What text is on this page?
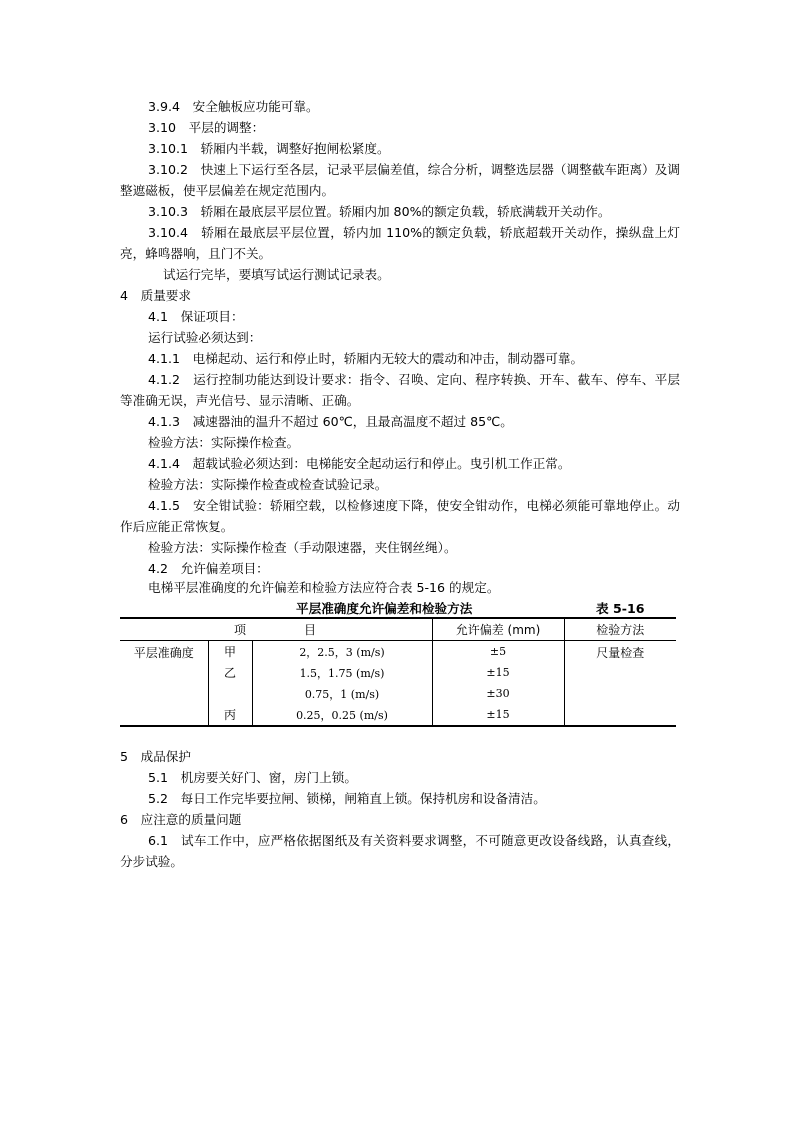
3.9.4　安全触板应功能可靠。
3.10　平层的调整：
3.10.1　轿厢内半载，调整好抱闸松紧度。
3.10.2　快速上下运行至各层，记录平层偏差值，综合分析，调整选层器（调整截车距离）及调整遮磁板，使平层偏差在规定范围内。
3.10.3　轿厢在最底层平层位置。轿厢内加 80%的额定负载，轿底满载开关动作。
3.10.4　轿厢在最底层平层位置，轿内加 110%的额定负载，轿底超载开关动作，操纵盘上灯亮，蜂鸣器响，且门不关。
试运行完毕，要填写试运行测试记录表。
4　质量要求
4.1　保证项目：
运行试验必须达到：
4.1.1　电梯起动、运行和停止时，轿厢内无较大的震动和冲击，制动器可靠。
4.1.2　运行控制功能达到设计要求：指令、召唤、定向、程序转换、开车、截车、停车、平层等准确无误，声光信号、显示清晰、正确。
4.1.3　减速器油的温升不超过 60℃，且最高温度不超过 85℃。
检验方法：实际操作检查。
4.1.4　超载试验必须达到：电梯能安全起动运行和停止。曳引机工作正常。
检验方法：实际操作检查或检查试验记录。
4.1.5　安全钳试验：轿厢空载，以检修速度下降，使安全钳动作，电梯必须能可靠地停止。动作后应能正常恢复。
检验方法：实际操作检查（手动限速器，夹住钢丝绳）。
4.2　允许偏差项目：
电梯平层准确度的允许偏差和检验方法应符合表 5-16 的规定。
平层准确度允许偏差和检验方法	表 5-16
项		目	允许偏差 (mm)	检验方法
平层准确度	甲	2，2.5，3 (m/s)	±5	尺量检查
	乙	1.5，1.75 (m/s)	±15	
		0.75，1 (m/s)	±30	
	丙	0.25，0.25 (m/s)	±15	
5　成品保护
5.1　机房要关好门、窗，房门上锁。
5.2　每日工作完毕要拉闸、锁梯，闸箱直上锁。保持机房和设备清洁。
6　应注意的质量问题
6.1　试车工作中，应严格依据图纸及有关资料要求调整，不可随意更改设备线路，认真查线，分步试验。
